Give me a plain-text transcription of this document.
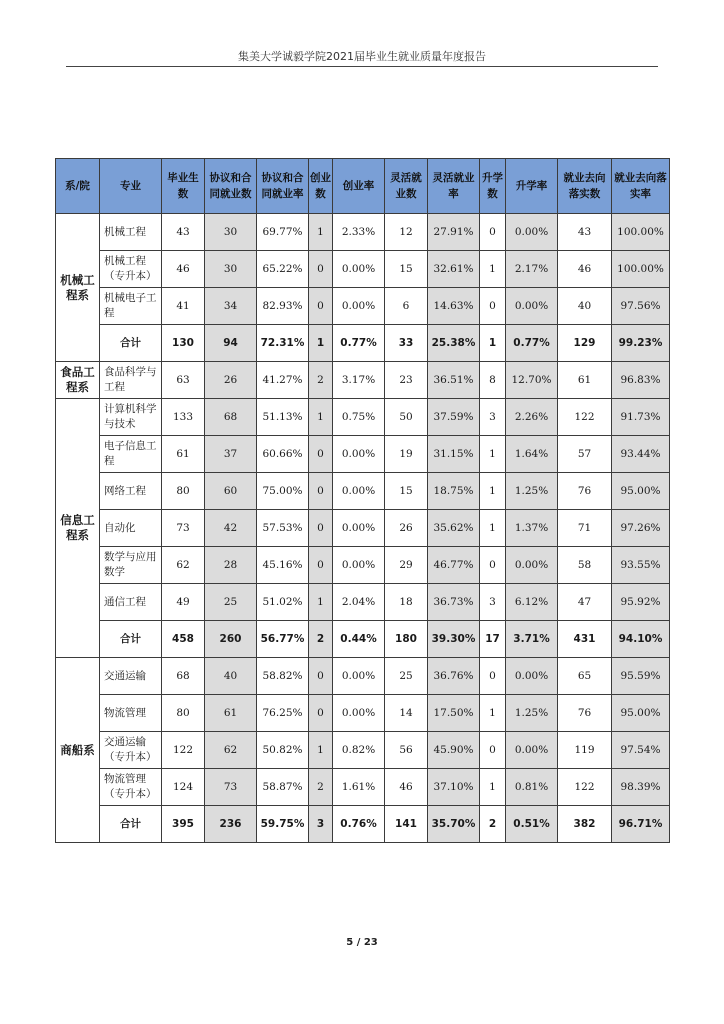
集美大学诚毅学院2021届毕业生就业质量年度报告
系/院	专业	毕业生数	协议和合同就业数	协议和合同就业率	创业数	创业率	灵活就业数	灵活就业率	升学数	升学率	就业去向落实数	就业去向落实率
机械工程系	机械工程	43	30	69.77%	1	2.33%	12	27.91%	0	0.00%	43	100.00%
	机械工程（专升本）	46	30	65.22%	0	0.00%	15	32.61%	1	2.17%	46	100.00%
	机械电子工程	41	34	82.93%	0	0.00%	6	14.63%	0	0.00%	40	97.56%
	合计	130	94	72.31%	1	0.77%	33	25.38%	1	0.77%	129	99.23%
食品工程系	食品科学与工程	63	26	41.27%	2	3.17%	23	36.51%	8	12.70%	61	96.83%
信息工程系	计算机科学与技术	133	68	51.13%	1	0.75%	50	37.59%	3	2.26%	122	91.73%
	电子信息工程	61	37	60.66%	0	0.00%	19	31.15%	1	1.64%	57	93.44%
	网络工程	80	60	75.00%	0	0.00%	15	18.75%	1	1.25%	76	95.00%
	自动化	73	42	57.53%	0	0.00%	26	35.62%	1	1.37%	71	97.26%
	数学与应用数学	62	28	45.16%	0	0.00%	29	46.77%	0	0.00%	58	93.55%
	通信工程	49	25	51.02%	1	2.04%	18	36.73%	3	6.12%	47	95.92%
	合计	458	260	56.77%	2	0.44%	180	39.30%	17	3.71%	431	94.10%
商船系	交通运输	68	40	58.82%	0	0.00%	25	36.76%	0	0.00%	65	95.59%
	物流管理	80	61	76.25%	0	0.00%	14	17.50%	1	1.25%	76	95.00%
	交通运输（专升本）	122	62	50.82%	1	0.82%	56	45.90%	0	0.00%	119	97.54%
	物流管理（专升本）	124	73	58.87%	2	1.61%	46	37.10%	1	0.81%	122	98.39%
	合计	395	236	59.75%	3	0.76%	141	35.70%	2	0.51%	382	96.71%
5 / 23
